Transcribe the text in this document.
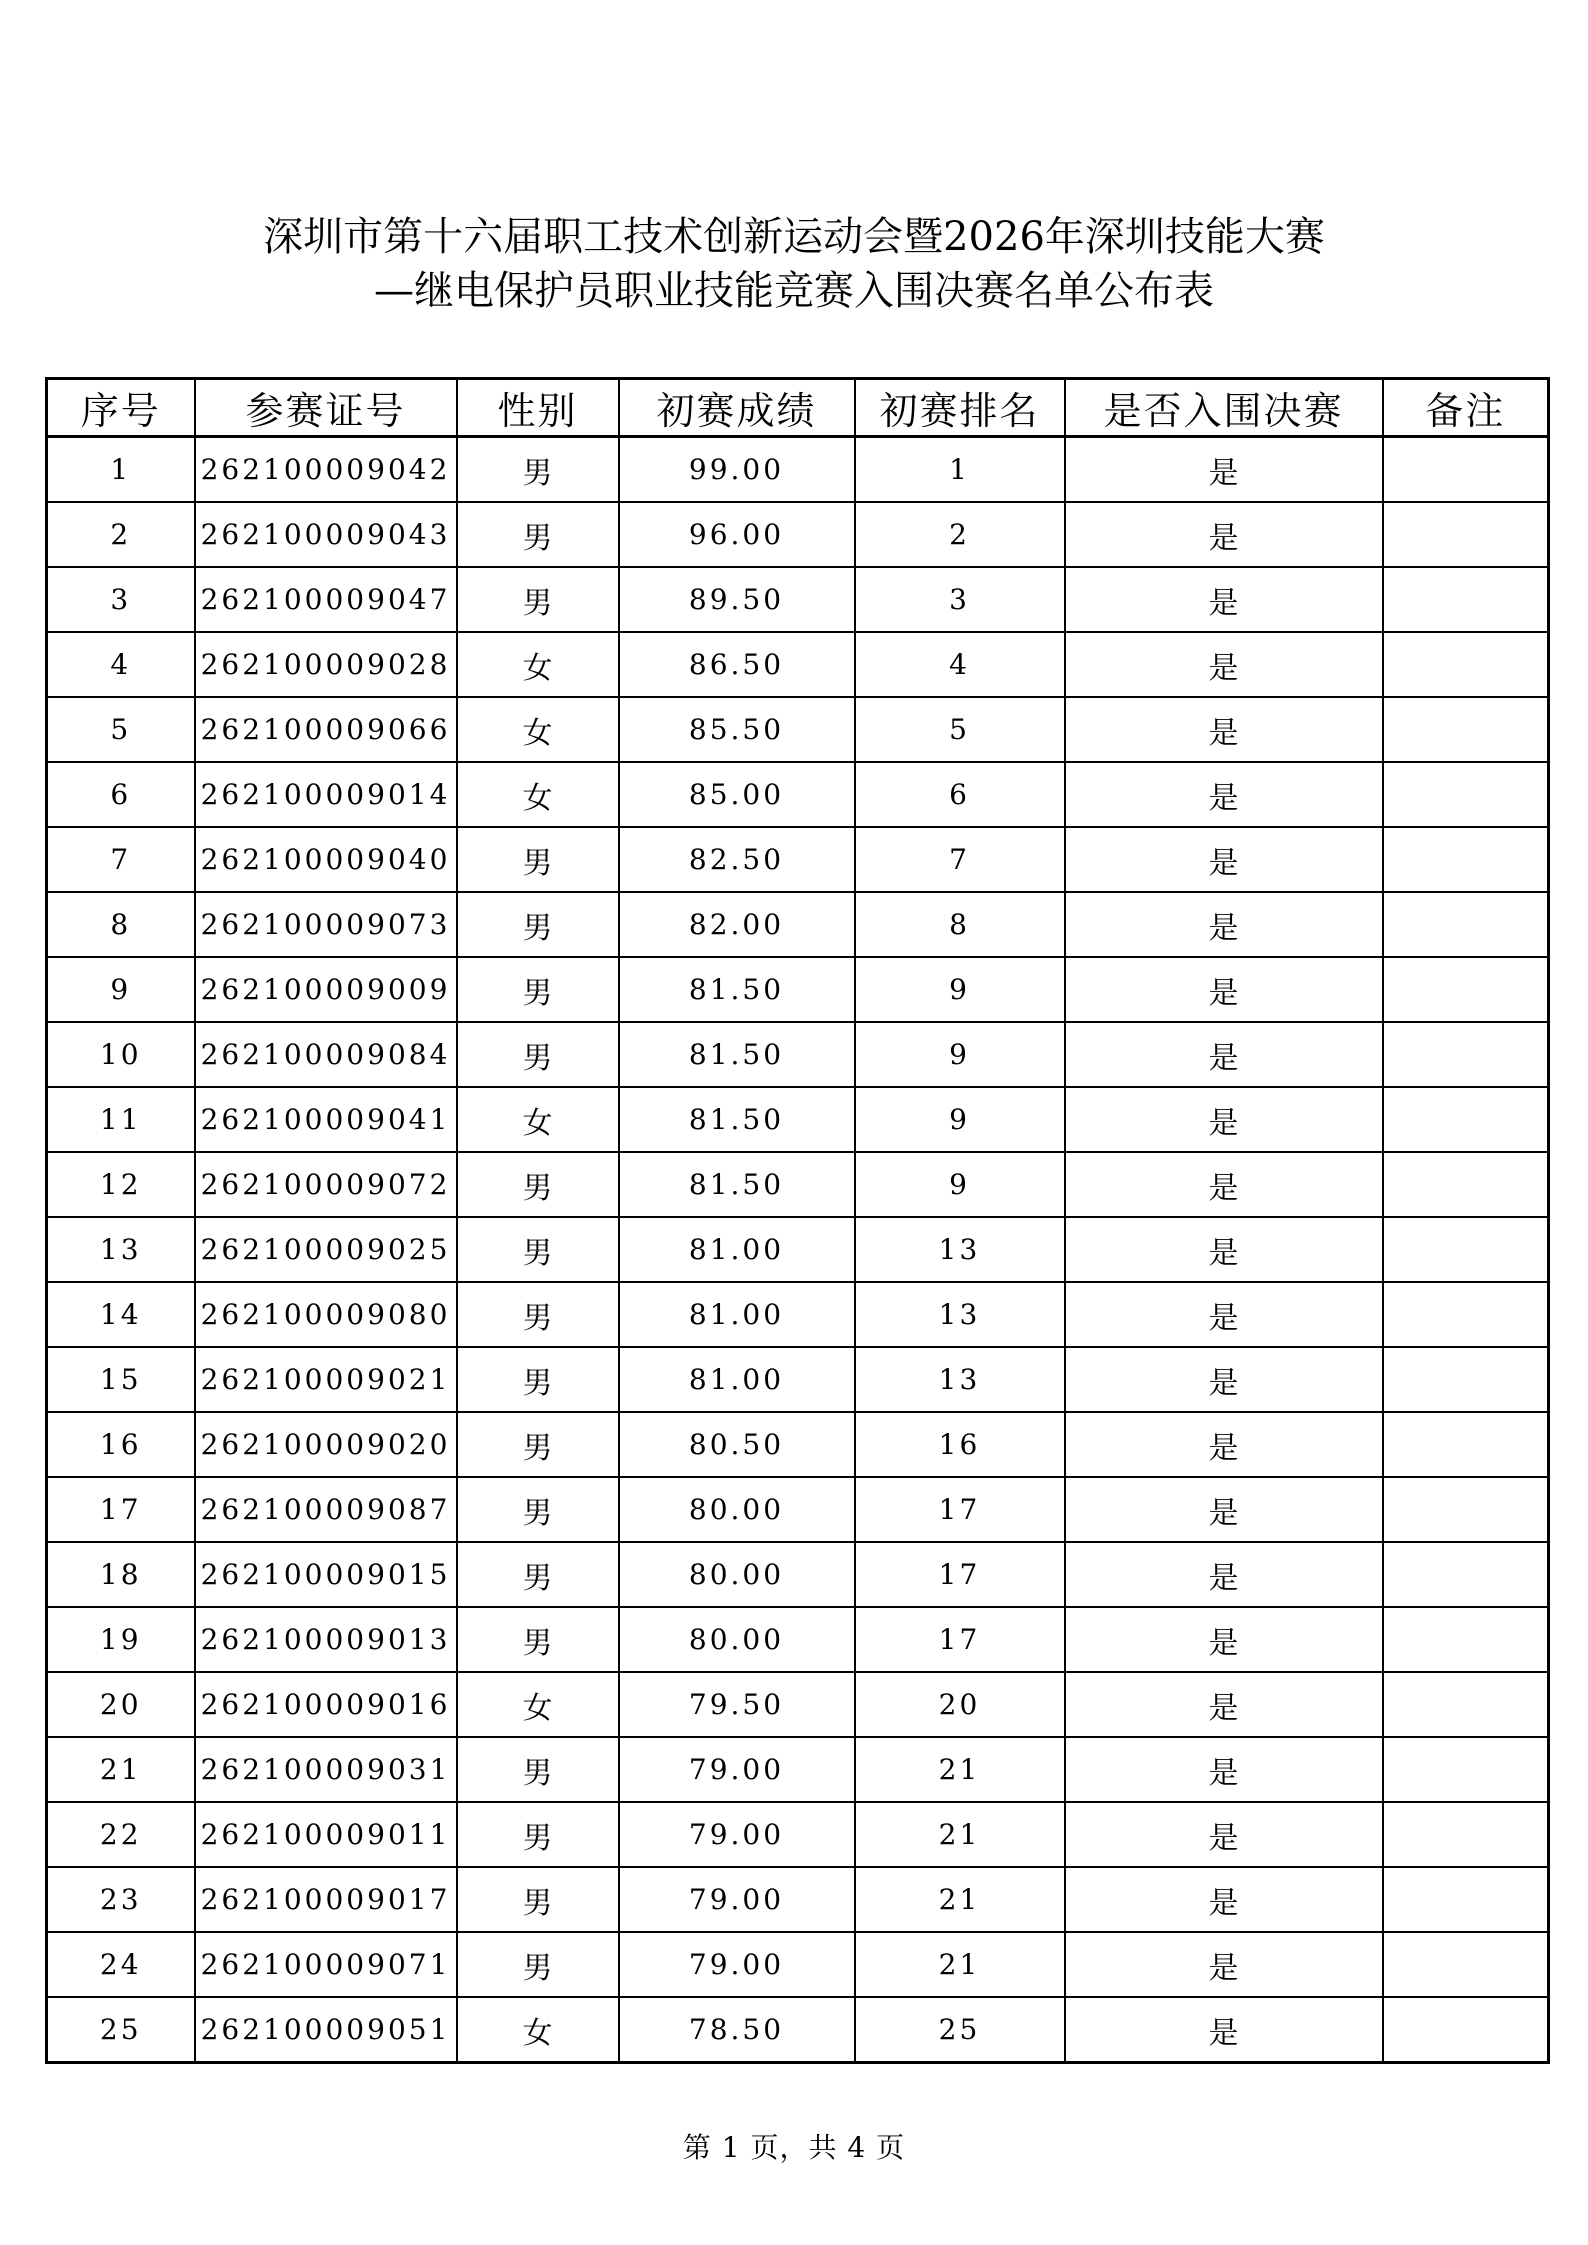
深圳市第十六届职工技术创新运动会暨2026年深圳技能大赛
—继电保护员职业技能竞赛入围决赛名单公布表
序号	参赛证号	性别	初赛成绩	初赛排名	是否入围决赛	备注
1	262100009042	男	99.00	1	是	
2	262100009043	男	96.00	2	是	
3	262100009047	男	89.50	3	是	
4	262100009028	女	86.50	4	是	
5	262100009066	女	85.50	5	是	
6	262100009014	女	85.00	6	是	
7	262100009040	男	82.50	7	是	
8	262100009073	男	82.00	8	是	
9	262100009009	男	81.50	9	是	
10	262100009084	男	81.50	9	是	
11	262100009041	女	81.50	9	是	
12	262100009072	男	81.50	9	是	
13	262100009025	男	81.00	13	是	
14	262100009080	男	81.00	13	是	
15	262100009021	男	81.00	13	是	
16	262100009020	男	80.50	16	是	
17	262100009087	男	80.00	17	是	
18	262100009015	男	80.00	17	是	
19	262100009013	男	80.00	17	是	
20	262100009016	女	79.50	20	是	
21	262100009031	男	79.00	21	是	
22	262100009011	男	79.00	21	是	
23	262100009017	男	79.00	21	是	
24	262100009071	男	79.00	21	是	
25	262100009051	女	78.50	25	是	
第 1 页，共 4 页
